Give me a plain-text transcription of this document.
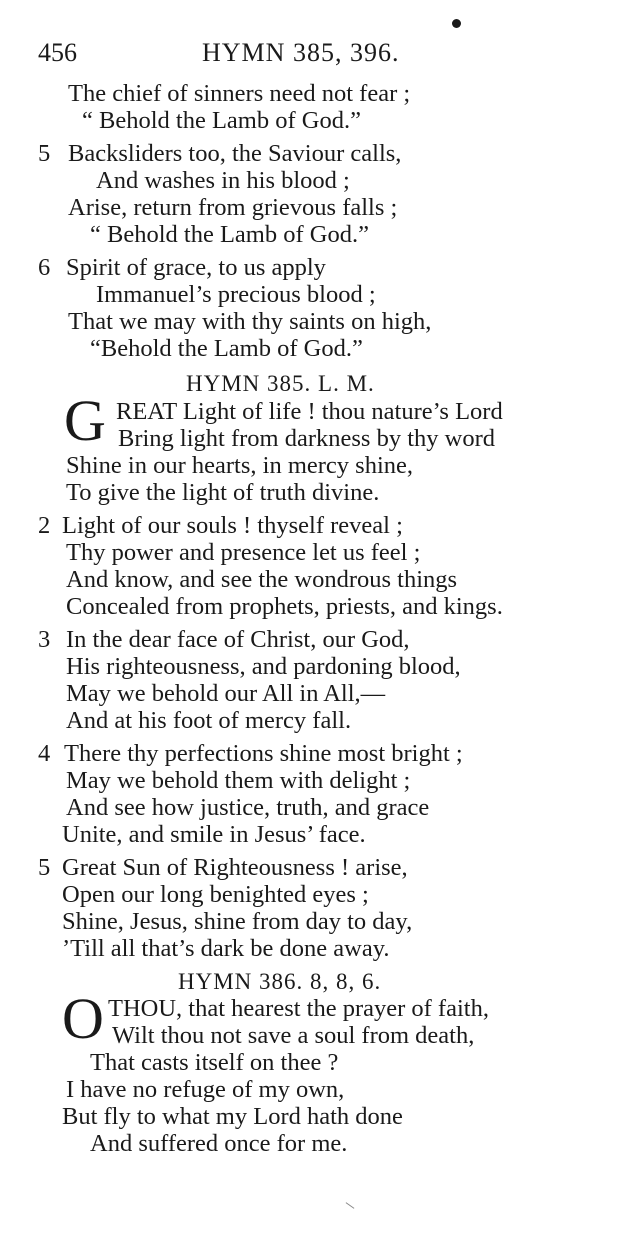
456	HYMN 385, 396.
The chief of sinners need not fear ;
“ Behold the Lamb of God.”
5 Backsliders too, the Saviour calls,
And washes in his blood ;
Arise, return from grievous falls ;
“ Behold the Lamb of God.”
6 Spirit of grace, to us apply
Immanuel’s precious blood ;
That we may with thy saints on high,
“Behold the Lamb of God.”
HYMN 385. L. M.
G REAT Light of life ! thou nature’s Lord
Bring light from darkness by thy word
Shine in our hearts, in mercy shine,
To give the light of truth divine.
2 Light of our souls ! thyself reveal ;
Thy power and presence let us feel ;
And know, and see the wondrous things
Concealed from prophets, priests, and kings.
3 In the dear face of Christ, our God,
His righteousness, and pardoning blood,
May we behold our All in All,—
And at his foot of mercy fall.
4 There thy perfections shine most bright ;
May we behold them with delight ;
And see how justice, truth, and grace
Unite, and smile in Jesus’ face.
5 Great Sun of Righteousness ! arise,
Open our long benighted eyes ;
Shine, Jesus, shine from day to day,
’Till all that’s dark be done away.
HYMN 386. 8, 8, 6.
O THOU, that hearest the prayer of faith,
Wilt thou not save a soul from death,
That casts itself on thee ?
I have no refuge of my own,
But fly to what my Lord hath done
And suffered once for me.
